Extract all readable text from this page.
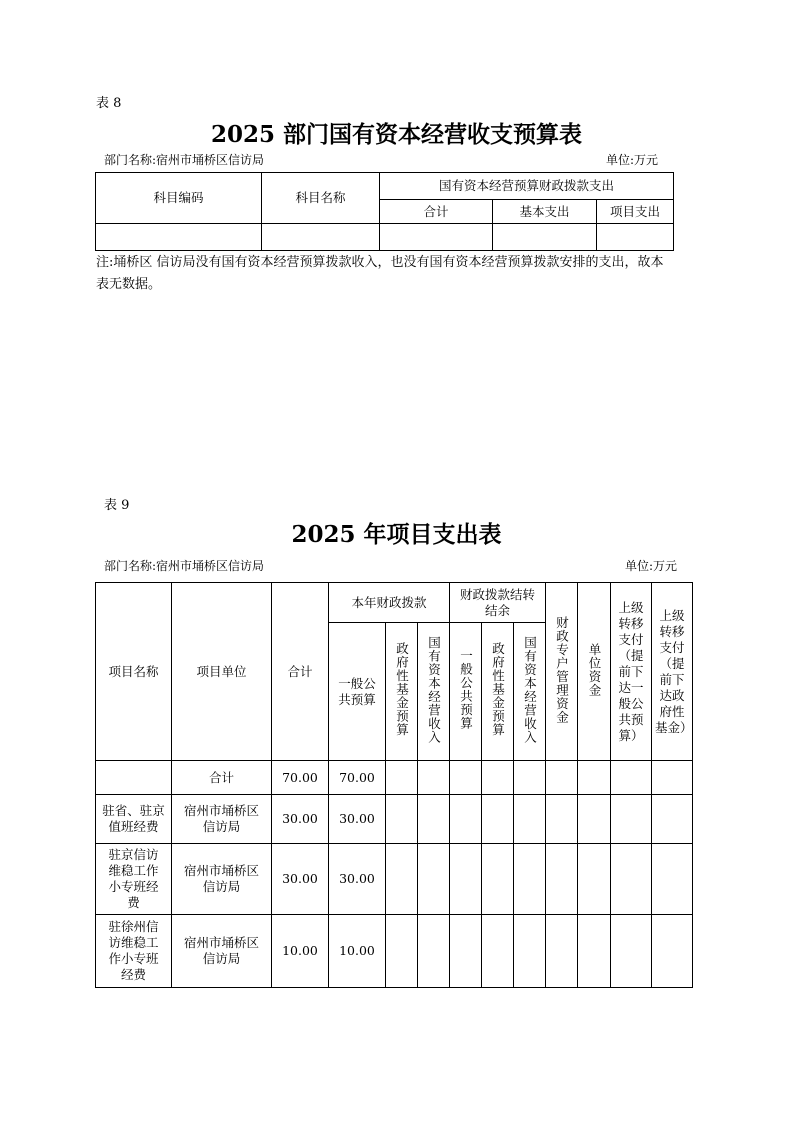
表 8
2025 部门国有资本经营收支预算表
部门名称:宿州市埇桥区信访局	单位:万元
科目编码	科目名称	国有资本经营预算财政拨款支出		
		合计	基本支出	项目支出

注:埇桥区 信访局没有国有资本经营预算拨款收入，也没有国有资本经营预算拨款安排的支出，故本表无数据。
表 9
2025 年项目支出表
部门名称:宿州市埇桥区信访局	单位:万元
项目名称	项目单位	合计	本年财政拨款			财政拨款结转结余			财政专户管理资金	单位资金	上级转移支付（提前下达一般公共预算）	上级转移支付（提前下达政府性基金）
			一般公共预算	政府性基金预算	国有资本经营收入	一般公共预算	政府性基金预算	国有资本经营收入				
	合计	70.00	70.00									
驻省、驻京值班经费	宿州市埇桥区信访局	30.00	30.00									
驻京信访维稳工作小专班经费	宿州市埇桥区信访局	30.00	30.00									
驻徐州信访维稳工作小专班经费	宿州市埇桥区信访局	10.00	10.00									
